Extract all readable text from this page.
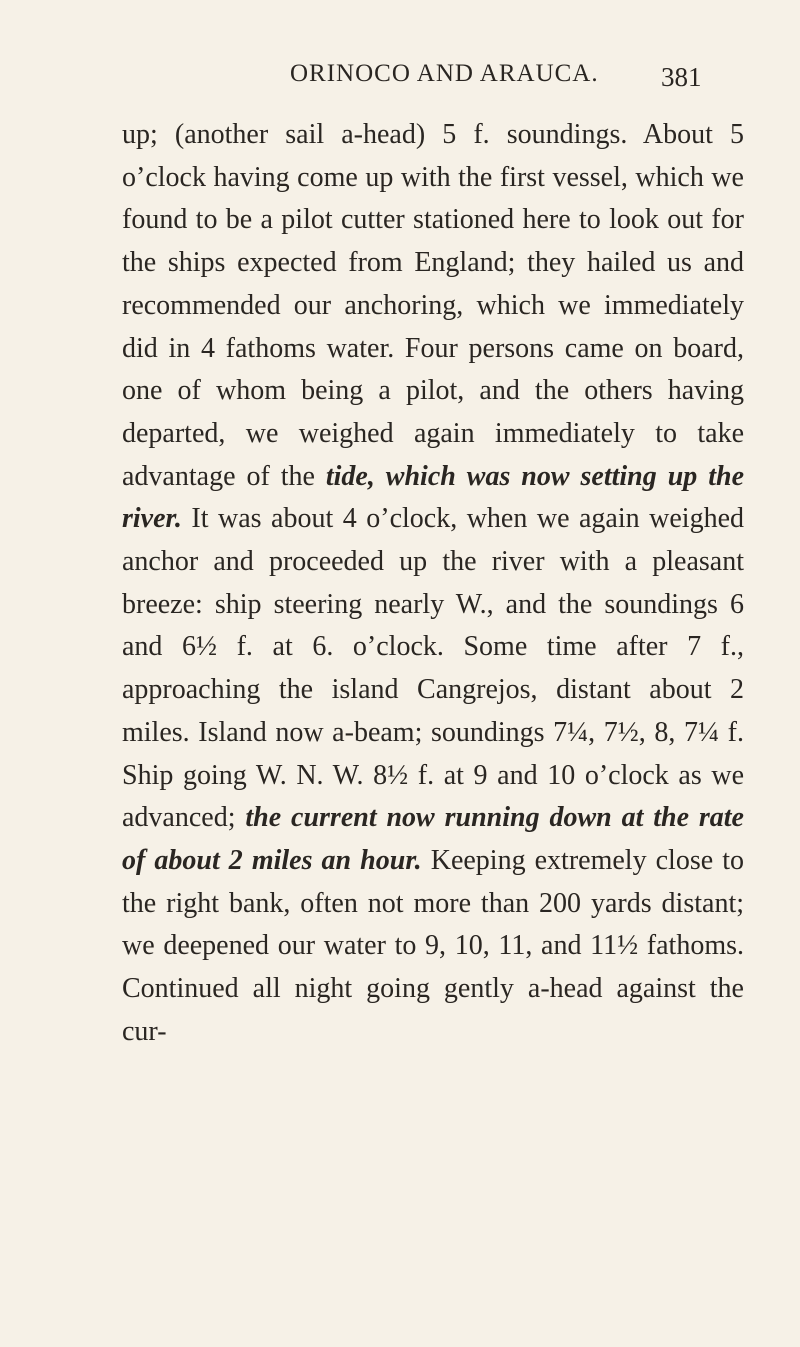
ORINOCO AND ARAUCA. 381

up; (another sail a-head) 5 f. soundings. About 5 o’clock having come up with the first vessel, which we found to be a pilot cutter stationed here to look out for the ships expected from England; they hailed us and recommended our anchoring, which we immediately did in 4 fathoms water. Four persons came on board, one of whom being a pilot, and the others having departed, we weighed again immediately to take advantage of the tide, which was now setting up the river. It was about 4 o’clock, when we again weighed anchor and proceeded up the river with a pleasant breeze: ship steering nearly W., and the soundings 6 and 6½ f. at 6. o’clock. Some time after 7 f., approaching the island Cangrejos, distant about 2 miles. Island now a-beam; soundings 7¼, 7½, 8, 7¼ f. Ship going W. N. W. 8½ f. at 9 and 10 o’clock as we advanced; the current now running down at the rate of about 2 miles an hour. Keeping extremely close to the right bank, often not more than 200 yards distant; we deepened our water to 9, 10, 11, and 11½ fathoms. Continued all night going gently a-head against the cur-
